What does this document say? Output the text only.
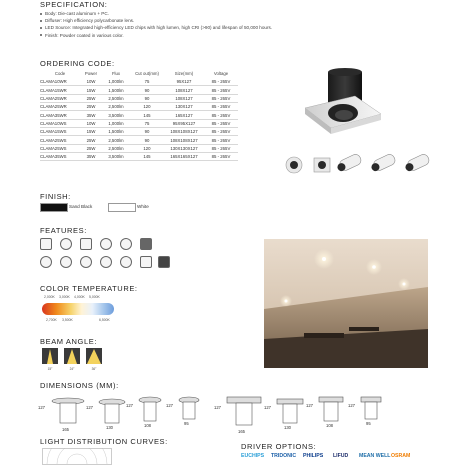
SPECIFICATION:
Body: Die-cast aluminum + PC.
Diffuser: High efficiency polycarbonate lens.
LED Source: Integrated high-efficiency LED chips with high lumen, high CRI (>90) and lifespan of 50,000 hours.
Finish: Powder coated in various color.
ORDERING CODE:
Code	Power	Flux	Cut out(mm)	Size(mm)	Voltage
CLAMA10WR	10W	1,000lm	75	95X127	85 - 265V
CLAMA15WR	15W	1,500lm	90	108X127	85 - 265V
CLAMA25WR	25W	2,500lm	90	108X127	85 - 265V
CLAMA25WR	25W	2,500lm	120	130X127	85 - 265V
CLAMA35WR	35W	3,500lm	145	165X127	85 - 265V
CLAMA10WS	10W	1,000lm	75	95X95X127	85 - 265V
CLAMA15WS	15W	1,500lm	90	108X108X127	85 - 265V
CLAMA25WS	25W	2,500lm	90	108X108X127	85 - 265V
CLAMA25WS	25W	2,500lm	120	130X130X127	85 - 265V
CLAMA35WS	35W	3,500lm	145	165X165X127	85 - 265V
FINISH:
Sand Black	White
FEATURES:
COLOR TEMPERATURE:
2,000K 3,000K 4,000K 5,000K
2,700K 3,500K	6,500K
BEAM ANGLE:
15°	24°	36°
DIMENSIONS (MM):
127
165
127
130
127
108
127
95
127
165
127
130
127
108
127
95
LIGHT DISTRIBUTION CURVES:
DRIVER OPTIONS:
EUCHIPS TRIDONIC PHILIPS LIFUD MEAN WELL OSRAM
